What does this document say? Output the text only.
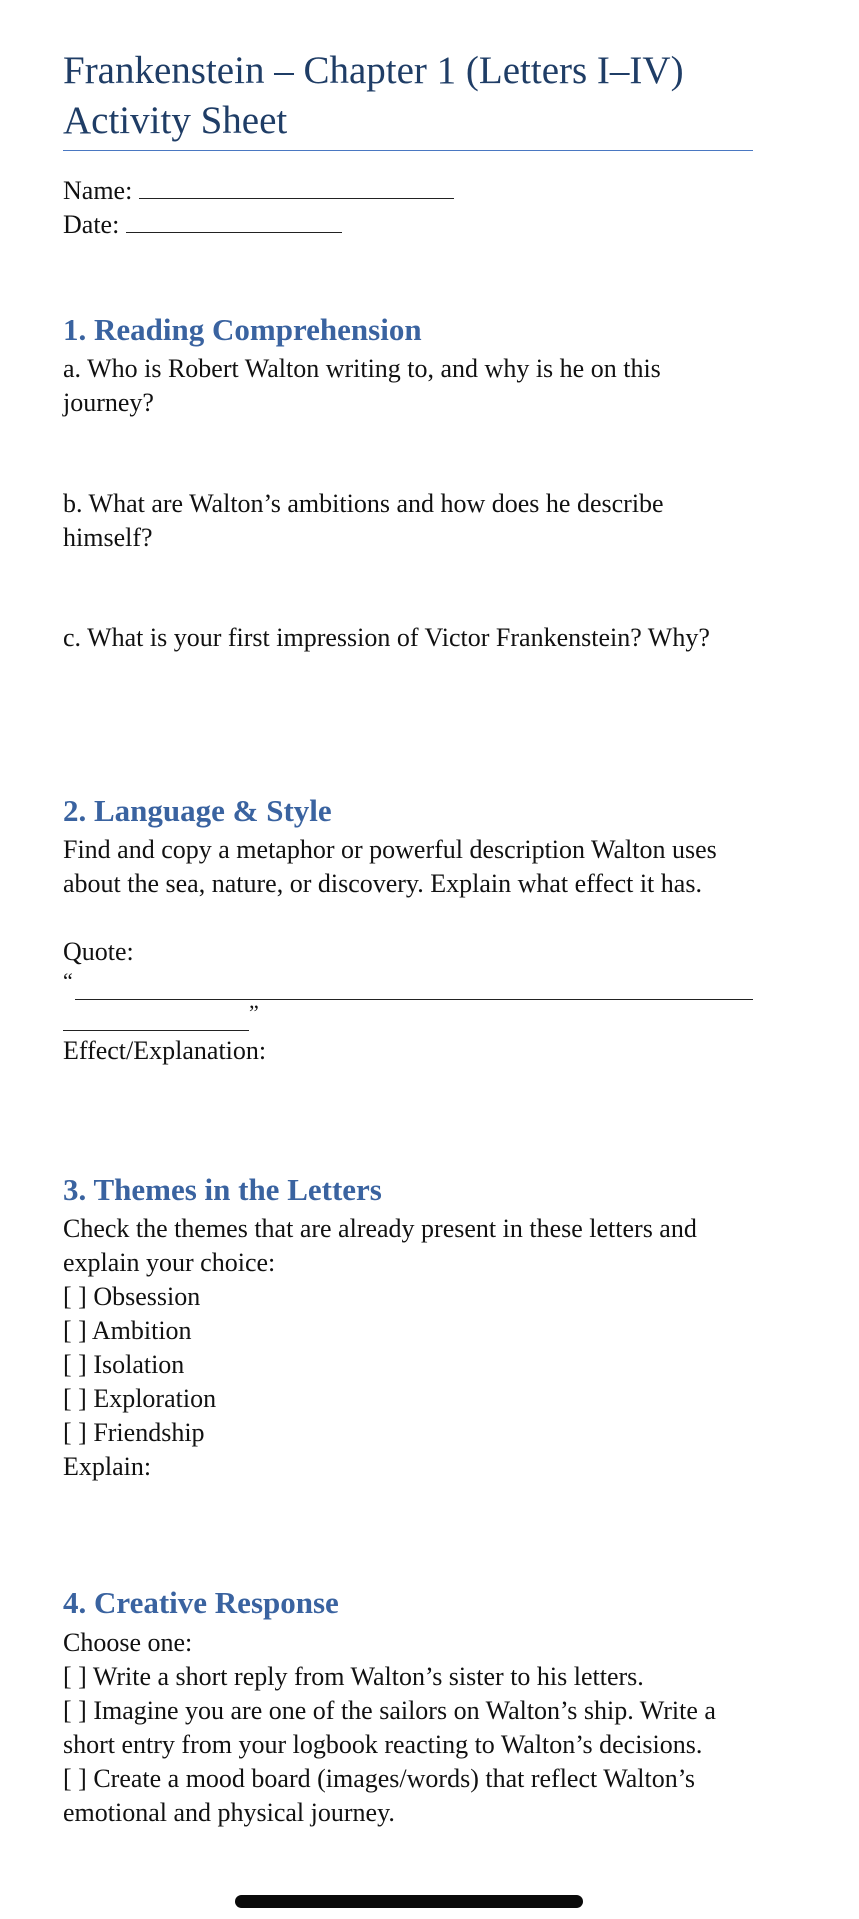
Frankenstein – Chapter 1 (Letters I–IV)
Activity Sheet
Name:
Date:
1. Reading Comprehension
a. Who is Robert Walton writing to, and why is he on this journey?
b. What are Walton’s ambitions and how does he describe himself?
c. What is your first impression of Victor Frankenstein? Why?
2. Language & Style
Find and copy a metaphor or powerful description Walton uses about the sea, nature, or discovery. Explain what effect it has.
Quote:
“
”
Effect/Explanation:
3. Themes in the Letters
Check the themes that are already present in these letters and explain your choice:
[ ] Obsession
[ ] Ambition
[ ] Isolation
[ ] Exploration
[ ] Friendship
Explain:
4. Creative Response
Choose one:
[ ] Write a short reply from Walton’s sister to his letters.
[ ] Imagine you are one of the sailors on Walton’s ship. Write a short entry from your logbook reacting to Walton’s decisions.
[ ] Create a mood board (images/words) that reflect Walton’s emotional and physical journey.
